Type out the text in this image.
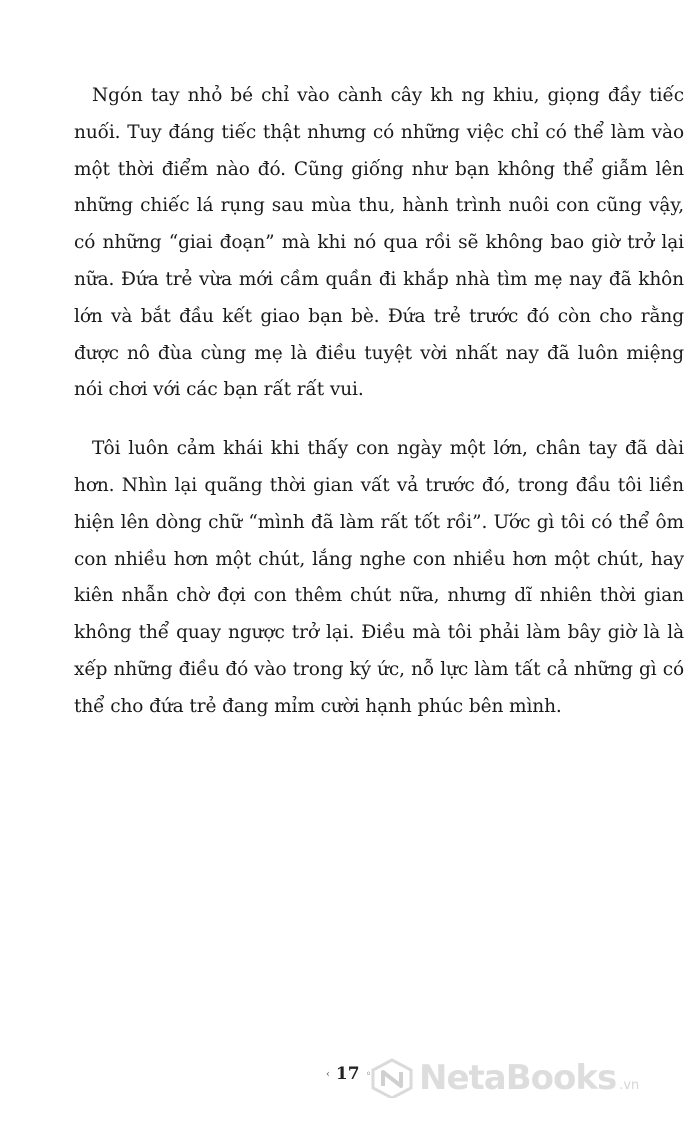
Ngón tay nhỏ bé chỉ vào cành cây kh ng khiu, giọng đầy tiếc nuối. Tuy đáng tiếc thật nhưng có những việc chỉ có thể làm vào một thời điểm nào đó. Cũng giống như bạn không thể giẫm lên những chiếc lá rụng sau mùa thu, hành trình nuôi con cũng vậy, có những “giai đoạn” mà khi nó qua rồi sẽ không bao giờ trở lại nữa. Đứa trẻ vừa mới cầm quần đi khắp nhà tìm mẹ nay đã khôn lớn và bắt đầu kết giao bạn bè. Đứa trẻ trước đó còn cho rằng được nô đùa cùng mẹ là điều tuyệt vời nhất nay đã luôn miệng nói chơi với các bạn rất rất vui.

Tôi luôn cảm khái khi thấy con ngày một lớn, chân tay đã dài hơn. Nhìn lại quãng thời gian vất vả trước đó, trong đầu tôi liền hiện lên dòng chữ “mình đã làm rất tốt rồi”. Ước gì tôi có thể ôm con nhiều hơn một chút, lắng nghe con nhiều hơn một chút, hay kiên nhẫn chờ đợi con thêm chút nữa, nhưng dĩ nhiên thời gian không thể quay ngược trở lại. Điều mà tôi phải làm bây giờ là là xếp những điều đó vào trong ký ức, nỗ lực làm tất cả những gì có thể cho đứa trẻ đang mỉm cười hạnh phúc bên mình.

‹ 17 ◦ NetaBooks .vn
